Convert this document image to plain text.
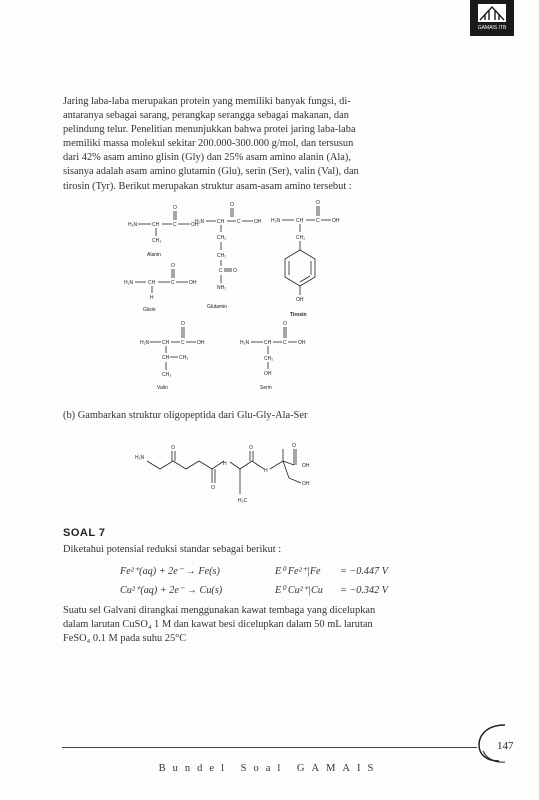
GAMAIS ITB
Jaring laba-laba merupakan protein yang memiliki banyak fungsi, di-
antaranya sebagai sarang, perangkap serangga sebagai makanan, dan
pelindung telur. Penelitian menunjukkan bahwa protei jaring laba-laba
memiliki massa molekul sekitar 200.000-300.000 g/mol, dan tersusun
dari 42% asam amino glisin (Gly) dan 25% asam amino alanin (Ala),
sisanya adalah asam amino glutamin (Glu), serin (Ser), valin (Val), dan
tirosin (Tyr). Berikut merupakan struktur asam-asam amino tersebut :
H₂N	CH	C	OH
O
CH₃
Alanin
H₂N	CH	C	OH
O
H
Glisin
H₂N	CH	C	OH
O
CH₂
CH₂
C O
NH₂
Glutamin
H₂N	CH	C OH
O
CH₂
OH
Tirosin
H₂N	CH C OH
O
CH CH₃
CH₃
Valin
H₂N	CH C OH
O
CH₂
OH
Serin
(b) Gambarkan struktur oligopeptida dari Glu-Gly-Ala-Ser
H₂N
O
O
H
H₃C
O
H
O
OH
OH
SOAL 7
Diketahui potensial reduksi standar sebagai berikut :
Fe²⁺(aq) + 2e⁻ → Fe(s)	E⁰ Fe²⁺|Fe = −0.447 V
Cu²⁺(aq) + 2e⁻ → Cu(s)	E⁰ Cu²⁺|Cu = −0.342 V
Suatu sel Galvani dirangkai menggunakan kawat tembaga yang dicelupkan
dalam larutan CuSO₄ 1 M dan kawat besi dicelupkan dalam 50 mL larutan
FeSO₄ 0.1 M pada suhu 25°C
147
Bundel Soal GAMAIS
